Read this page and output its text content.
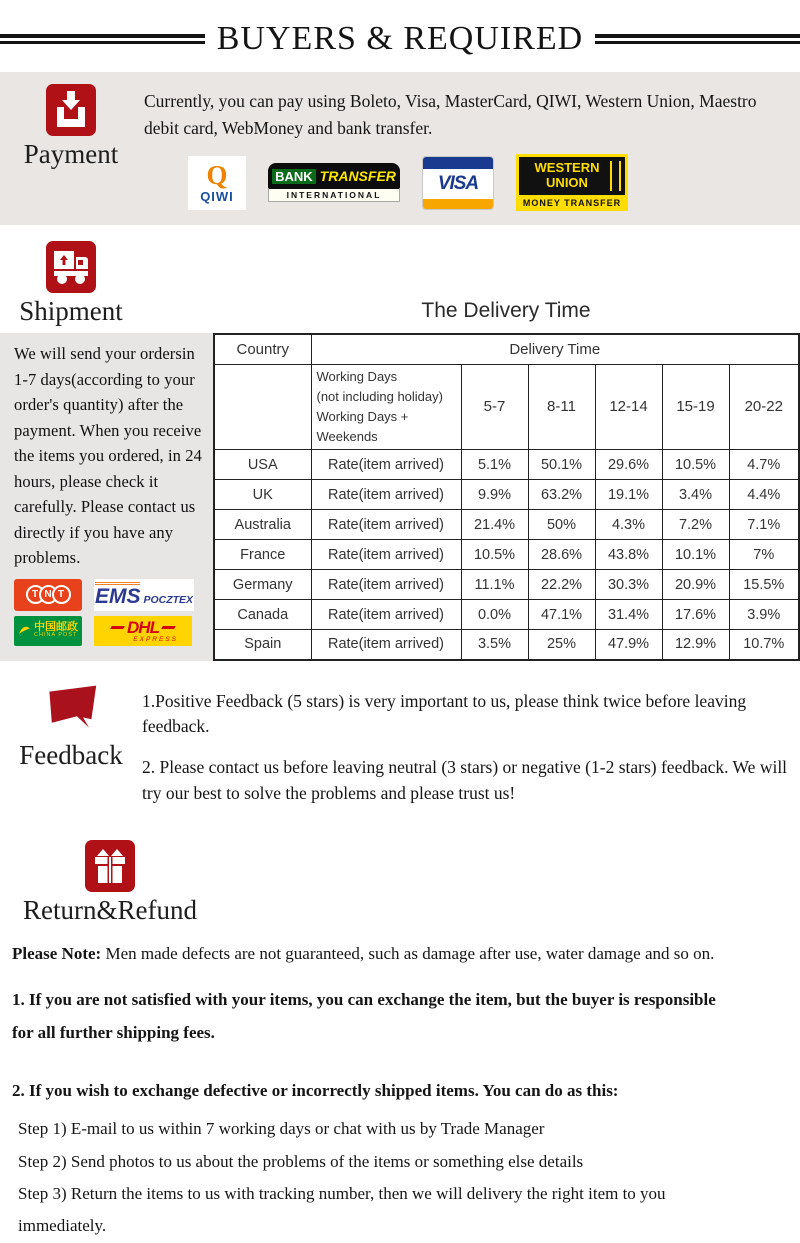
BUYERS & REQUIRED
Payment

Currently, you can pay using Boleto, Visa, MasterCard, QIWI, Western Union, Maestro debit card, WebMoney and bank transfer.

Q
QIWI
BANK TRANSFER
INTERNATIONAL
VISA
WESTERN
UNION
MONEY TRANSFER
Shipment	The Delivery Time
We will send your ordersin 1-7 days(according to your order's quantity) after the payment. When you receive the items you ordered, in 24 hours, please check it carefully. Please contact us directly if you have any problems.
T N T	EMS POCZTEX
中国邮政
CHINA POST	DHL
EXPRESS
Country	Delivery Time					

	Working Days
(not including holiday)
Working Days + Weekends	5-7	8-11	12-14	15-19	20-22
USA	Rate(item arrived)	5.1%	50.1%	29.6%	10.5%	4.7%
UK	Rate(item arrived)	9.9%	63.2%	19.1%	3.4%	4.4%
Australia	Rate(item arrived)	21.4%	50%	4.3%	7.2%	7.1%
France	Rate(item arrived)	10.5%	28.6%	43.8%	10.1%	7%
Germany	Rate(item arrived)	11.1%	22.2%	30.3%	20.9%	15.5%
Canada	Rate(item arrived)	0.0%	47.1%	31.4%	17.6%	3.9%
Spain	Rate(item arrived)	3.5%	25%	47.9%	12.9%	10.7%
Feedback

1.Positive Feedback (5 stars) is very important to us, please think twice before leaving feedback.

2. Please contact us before leaving neutral (3 stars) or negative (1-2 stars) feedback. We will try our best to solve the problems and please trust us!

Return&Refund

Please Note: Men made defects are not guaranteed, such as damage after use, water damage and so on.

1. If you are not satisfied with your items, you can exchange the item, but the buyer is responsible for all further shipping fees.

2. If you wish to exchange defective or incorrectly shipped items. You can do as this:

Step 1) E-mail to us within 7 working days or chat with us by Trade Manager

Step 2) Send photos to us about the problems of the items or something else details

Step 3) Return the items to us with tracking number, then we will delivery the right item to you immediately.
